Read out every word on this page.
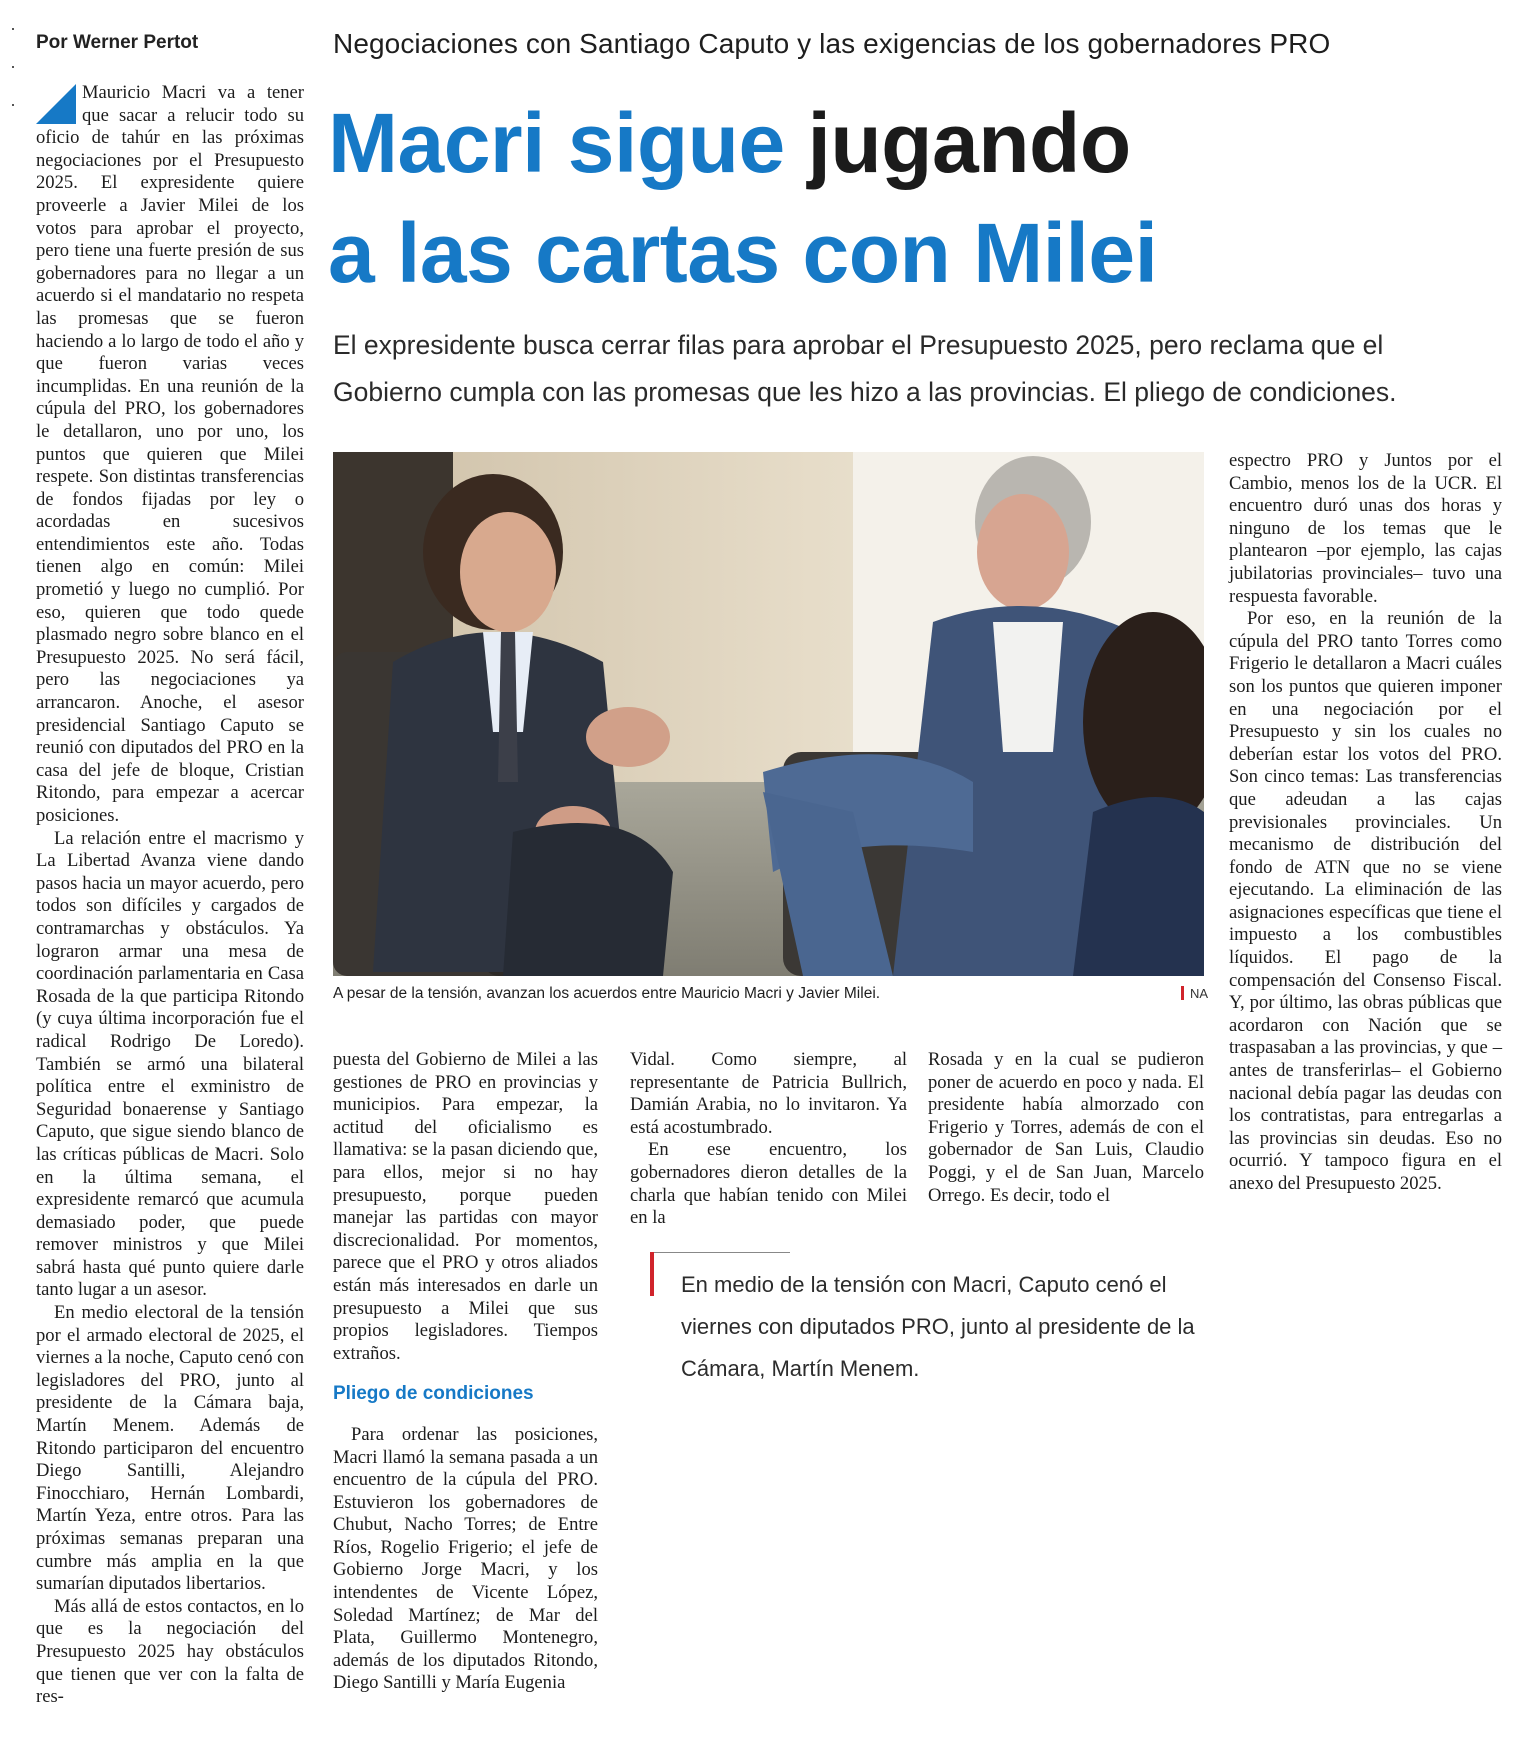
Por Werner Pertot	Negociaciones con Santiago Caputo y las exigencias de los gobernadores PRO
Macri sigue jugando
a las cartas con Milei
El expresidente busca cerrar filas para aprobar el Presupuesto 2025, pero reclama que el Gobierno cumpla con las promesas que les hizo a las provincias. El pliego de condiciones.

Mauricio Macri va a tener que sacar a relucir todo su oficio de tahúr en las próximas negociaciones por el Presupuesto 2025. El expresidente quiere proveerle a Javier Milei de los votos para aprobar el proyecto, pero tiene una fuerte presión de sus gobernadores para no llegar a un acuerdo si el mandatario no respeta las promesas que se fueron haciendo a lo largo de todo el año y que fueron varias veces incumplidas. En una reunión de la cúpula del PRO, los gobernadores le detallaron, uno por uno, los puntos que quieren que Milei respete. Son distintas transferencias de fondos fijadas por ley o acordadas en sucesivos entendimientos este año. Todas tienen algo en común: Milei prometió y luego no cumplió. Por eso, quieren que todo quede plasmado negro sobre blanco en el Presupuesto 2025. No será fácil, pero las negociaciones ya arrancaron. Anoche, el asesor presidencial Santiago Caputo se reunió con diputados del PRO en la casa del jefe de bloque, Cristian Ritondo, para empezar a acercar posiciones.

La relación entre el macrismo y La Libertad Avanza viene dando pasos hacia un mayor acuerdo, pero todos son difíciles y cargados de contramarchas y obstáculos. Ya lograron armar una mesa de coordinación parlamentaria en Casa Rosada de la que participa Ritondo (y cuya última incorporación fue el radical Rodrigo De Loredo). También se armó una bilateral política entre el exministro de Seguridad bonaerense y Santiago Caputo, que sigue siendo blanco de las críticas públicas de Macri. Solo en la última semana, el expresidente remarcó que acumula demasiado poder, que puede remover ministros y que Milei sabrá hasta qué punto quiere darle tanto lugar a un asesor.

En medio electoral de la tensión por el armado electoral de 2025, el viernes a la noche, Caputo cenó con legisladores del PRO, junto al presidente de la Cámara baja, Martín Menem. Además de Ritondo participaron del encuentro Diego Santilli, Alejandro Finocchiaro, Hernán Lombardi, Martín Yeza, entre otros. Para las próximas semanas preparan una cumbre más amplia en la que sumarían diputados libertarios.

Más allá de estos contactos, en lo que es la negociación del Presupuesto 2025 hay obstáculos que tienen que ver con la falta de res-

A pesar de la tensión, avanzan los acuerdos entre Mauricio Macri y Javier Milei.	NA

puesta del Gobierno de Milei a las gestiones de PRO en provincias y municipios. Para empezar, la actitud del oficialismo es llamativa: se la pasan diciendo que, para ellos, mejor si no hay presupuesto, porque pueden manejar las partidas con mayor discrecionalidad. Por momentos, parece que el PRO y otros aliados están más interesados en darle un presupuesto a Milei que sus propios legisladores. Tiempos extraños.

Pliego de condiciones

Para ordenar las posiciones, Macri llamó la semana pasada a un encuentro de la cúpula del PRO. Estuvieron los gobernadores de Chubut, Nacho Torres; de Entre Ríos, Rogelio Frigerio; el jefe de Gobierno Jorge Macri, y los intendentes de Vicente López, Soledad Martínez; de Mar del Plata, Guillermo Montenegro, además de los diputados Ritondo, Diego Santilli y María Eugenia

Vidal. Como siempre, al representante de Patricia Bullrich, Damián Arabia, no lo invitaron. Ya está acostumbrado.

En ese encuentro, los gobernadores dieron detalles de la charla que habían tenido con Milei en la

Rosada y en la cual se pudieron poner de acuerdo en poco y nada. El presidente había almorzado con Frigerio y Torres, además de con el gobernador de San Luis, Claudio Poggi, y el de San Juan, Marcelo Orrego. Es decir, todo el

espectro PRO y Juntos por el Cambio, menos los de la UCR. El encuentro duró unas dos horas y ninguno de los temas que le plantearon –por ejemplo, las cajas jubilatorias provinciales– tuvo una respuesta favorable.

Por eso, en la reunión de la cúpula del PRO tanto Torres como Frigerio le detallaron a Macri cuáles son los puntos que quieren imponer en una negociación por el Presupuesto y sin los cuales no deberían estar los votos del PRO. Son cinco temas: Las transferencias que adeudan a las cajas previsionales provinciales. Un mecanismo de distribución del fondo de ATN que no se viene ejecutando. La eliminación de las asignaciones específicas que tiene el impuesto a los combustibles líquidos. El pago de la compensación del Consenso Fiscal. Y, por último, las obras públicas que acordaron con Nación que se traspasaban a las provincias, y que –antes de transferirlas– el Gobierno nacional debía pagar las deudas con los contratistas, para entregarlas a las provincias sin deudas. Eso no ocurrió. Y tampoco figura en el anexo del Presupuesto 2025.

En medio de la tensión con Macri, Caputo cenó el viernes con diputados PRO, junto al presidente de la Cámara, Martín Menem.
